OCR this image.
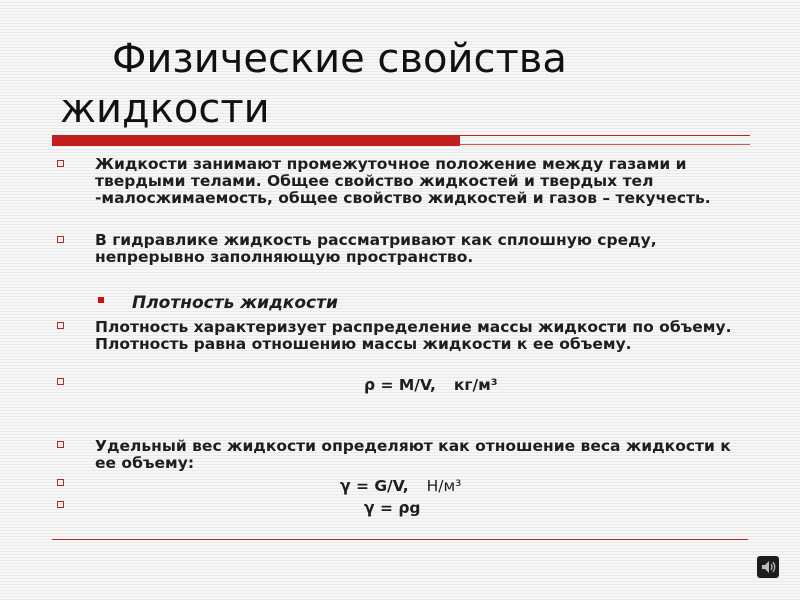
Физические свойства
жидкости
Жидкости занимают промежуточное положение между газами и твердыми телами. Общее свойство жидкостей и твердых тел -малосжимаемость, общее свойство жидкостей и газов – текучесть.
В гидравлике жидкость рассматривают как сплошную среду, непрерывно заполняющую пространство.
Плотность жидкости
Плотность характеризует распределение массы жидкости по объему. Плотность равна отношению массы жидкости к ее объему.
ρ = M/V, кг/м³
Удельный вес жидкости определяют как отношение веса жидкости к ее объему:
γ = G/V, Н/м³
γ = ρg
